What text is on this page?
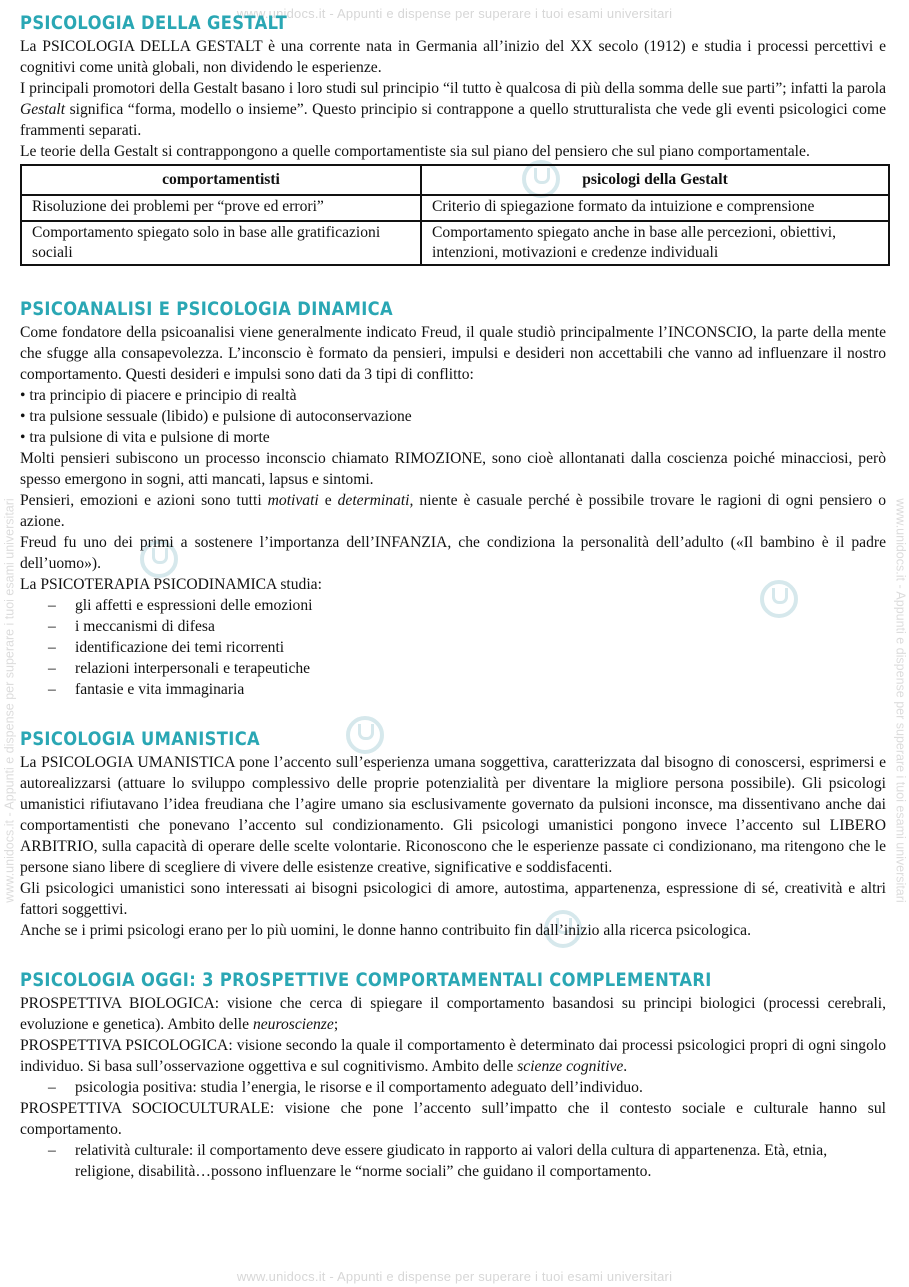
www.unidocs.it - Appunti e dispense per superare i tuoi esami universitari
www.unidocs.it - Appunti e dispense per superare i tuoi esami universitari
www.unidocs.it - Appunti e dispense per superare i tuoi esami universitari	www.unidocs.it - Appunti e dispense per superare i tuoi esami universitari
PSICOLOGIA DELLA GESTALT

La PSICOLOGIA DELLA GESTALT è una corrente nata in Germania all’inizio del XX secolo (1912) e studia i processi percettivi e cognitivi come unità globali, non dividendo le esperienze.

I principali promotori della Gestalt basano i loro studi sul principio “il tutto è qualcosa di più della somma delle sue parti”; infatti la parola Gestalt significa “forma, modello o insieme”. Questo principio si contrappone a quello strutturalista che vede gli eventi psicologici come frammenti separati.

Le teorie della Gestalt si contrappongono a quelle comportamentiste sia sul piano del pensiero che sul piano comportamentale.

comportamentisti	psicologi della Gestalt
Risoluzione dei problemi per “prove ed errori”	Criterio di spiegazione formato da intuizione e comprensione
Comportamento spiegato solo in base alle gratificazioni sociali	Comportamento spiegato anche in base alle percezioni, obiettivi, intenzioni, motivazioni e credenze individuali
PSICOANALISI E PSICOLOGIA DINAMICA

Come fondatore della psicoanalisi viene generalmente indicato Freud, il quale studiò principalmente l’INCONSCIO, la parte della mente che sfugge alla consapevolezza. L’inconscio è formato da pensieri, impulsi e desideri non accettabili che vanno ad influenzare il nostro comportamento. Questi desideri e impulsi sono dati da 3 tipi di conflitto:

• tra principio di piacere e principio di realtà
• tra pulsione sessuale (libido) e pulsione di autoconservazione
• tra pulsione di vita e pulsione di morte

Molti pensieri subiscono un processo inconscio chiamato RIMOZIONE, sono cioè allontanati dalla coscienza poiché minacciosi, però spesso emergono in sogni, atti mancati, lapsus e sintomi.

Pensieri, emozioni e azioni sono tutti motivati e determinati, niente è casuale perché è possibile trovare le ragioni di ogni pensiero o azione.

Freud fu uno dei primi a sostenere l’importanza dell’INFANZIA, che condiziona la personalità dell’adulto («Il bambino è il padre dell’uomo»).

La PSICOTERAPIA PSICODINAMICA studia:

– gli affetti e espressioni delle emozioni
– i meccanismi di difesa
– identificazione dei temi ricorrenti
– relazioni interpersonali e terapeutiche
– fantasie e vita immaginaria
PSICOLOGIA UMANISTICA

La PSICOLOGIA UMANISTICA pone l’accento sull’esperienza umana soggettiva, caratterizzata dal bisogno di conoscersi, esprimersi e autorealizzarsi (attuare lo sviluppo complessivo delle proprie potenzialità per diventare la migliore persona possibile). Gli psicologi umanistici rifiutavano l’idea freudiana che l’agire umano sia esclusivamente governato da pulsioni inconsce, ma dissentivano anche dai comportamentisti che ponevano l’accento sul condizionamento. Gli psicologi umanistici pongono invece l’accento sul LIBERO ARBITRIO, sulla capacità di operare delle scelte volontarie. Riconoscono che le esperienze passate ci condizionano, ma ritengono che le persone siano libere di scegliere di vivere delle esistenze creative, significative e soddisfacenti.

Gli psicologici umanistici sono interessati ai bisogni psicologici di amore, autostima, appartenenza, espressione di sé, creatività e altri fattori soggettivi.

Anche se i primi psicologi erano per lo più uomini, le donne hanno contribuito fin dall’inizio alla ricerca psicologica.

PSICOLOGIA OGGI: 3 PROSPETTIVE COMPORTAMENTALI COMPLEMENTARI

PROSPETTIVA BIOLOGICA: visione che cerca di spiegare il comportamento basandosi su principi biologici (processi cerebrali, evoluzione e genetica). Ambito delle neuroscienze;

PROSPETTIVA PSICOLOGICA: visione secondo la quale il comportamento è determinato dai processi psicologici propri di ogni singolo individuo. Si basa sull’osservazione oggettiva e sul cognitivismo. Ambito delle scienze cognitive.

– psicologia positiva: studia l’energia, le risorse e il comportamento adeguato dell’individuo.

PROSPETTIVA SOCIOCULTURALE: visione che pone l’accento sull’impatto che il contesto sociale e culturale hanno sul comportamento.

– relatività culturale: il comportamento deve essere giudicato in rapporto ai valori della cultura di appartenenza. Età, etnia, religione, disabilità…possono influenzare le “norme sociali” che guidano il comportamento.
